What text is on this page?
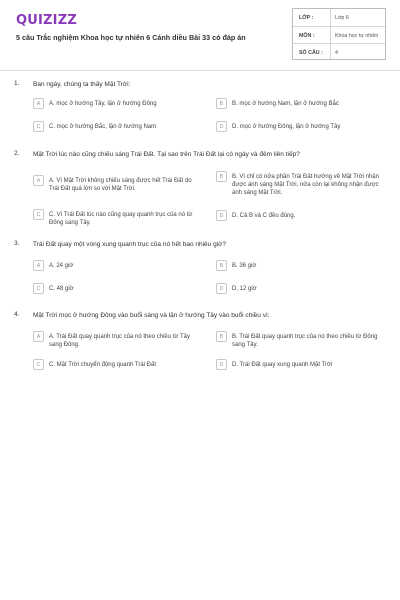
QUIZIZZ
5 câu Trắc nghiệm Khoa học tự nhiên 6 Cánh diều Bài 33 có đáp án
LỚP :	Lớp 6
MÔN :	Khoa học tự nhiên
SỐ CÂU : 4
1. Ban ngày, chúng ta thấy Mặt Trời:
A	A. mọc ở hướng Tây, lặn ở hướng Đông	B	B. mọc ở hướng Nam, lặn ở hướng Bắc
C	C. mọc ở hướng Bắc, lặn ở hướng Nam	D	D. mọc ở hướng Đông, lặn ở hướng Tây
2. Mặt Trời lúc nào cũng chiếu sáng Trái Đất. Tại sao trên Trái Đất lại có ngày và đêm liên tiếp?
A	A. Vì Mặt Trời không chiếu sáng được hết Trái Đất do Trái Đất quá lớn so với Mặt Trời.
B	B. Vì chỉ có nửa phần Trái Đất hướng về Mặt Trời nhận được ánh sáng Mặt Trời, nửa còn lại không nhận được ánh sáng Mặt Trời.
C	C. Vì Trái Đất lúc nào cũng quay quanh trục của nó từ Đông sang Tây.
D	D. Cả B và C đều đúng.
3. Trái Đất quay một vòng xung quanh trục của nó hết bao nhiêu giờ?
A	A. 24 giờ	B	B. 36 giờ
C	C. 48 giờ	D	D. 12 giờ
4. Mặt Trời mọc ở hướng Đông vào buổi sáng và lặn ở hướng Tây vào buổi chiều vì:
A	A. Trái Đất quay quanh trục của nó theo chiều từ Tây sang Đông.
B	B. Trái Đất quay quanh trục của nó theo chiều từ Đông sang Tây.
C	C. Mặt Trời chuyển động quanh Trái Đất	D	D. Trái Đất quay xung quanh Mặt Trời
